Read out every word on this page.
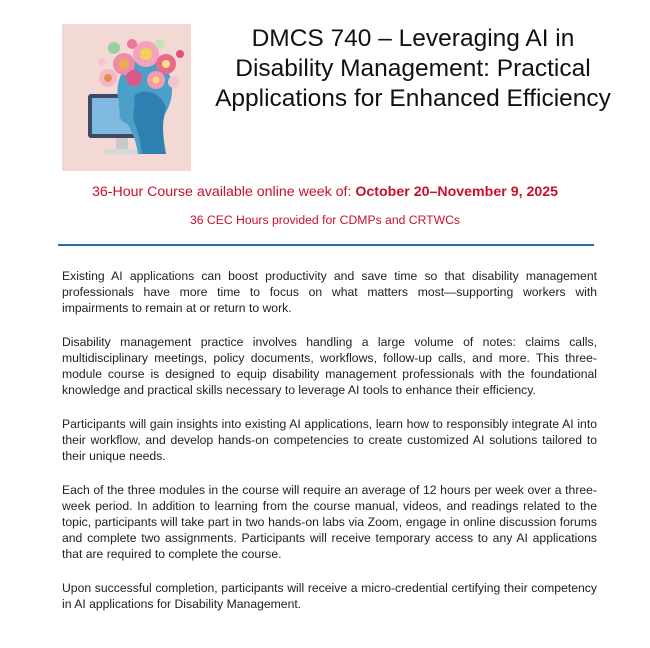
DMCS 740 – Leveraging AI in Disability Management: Practical Applications for Enhanced Efficiency
36-Hour Course available online week of: October 20–November 9, 2025
36 CEC Hours provided for CDMPs and CRTWCs

Existing AI applications can boost productivity and save time so that disability management professionals have more time to focus on what matters most—supporting workers with impairments to remain at or return to work.

Disability management practice involves handling a large volume of notes: claims calls, multidisciplinary meetings, policy documents, workflows, follow-up calls, and more. This three-module course is designed to equip disability management professionals with the foundational knowledge and practical skills necessary to leverage AI tools to enhance their efficiency.

Participants will gain insights into existing AI applications, learn how to responsibly integrate AI into their workflow, and develop hands-on competencies to create customized AI solutions tailored to their unique needs.

Each of the three modules in the course will require an average of 12 hours per week over a three-week period. In addition to learning from the course manual, videos, and readings related to the topic, participants will take part in two hands-on labs via Zoom, engage in online discussion forums and complete two assignments. Participants will receive temporary access to any AI applications that are required to complete the course.

Upon successful completion, participants will receive a micro-credential certifying their competency in AI applications for Disability Management.
